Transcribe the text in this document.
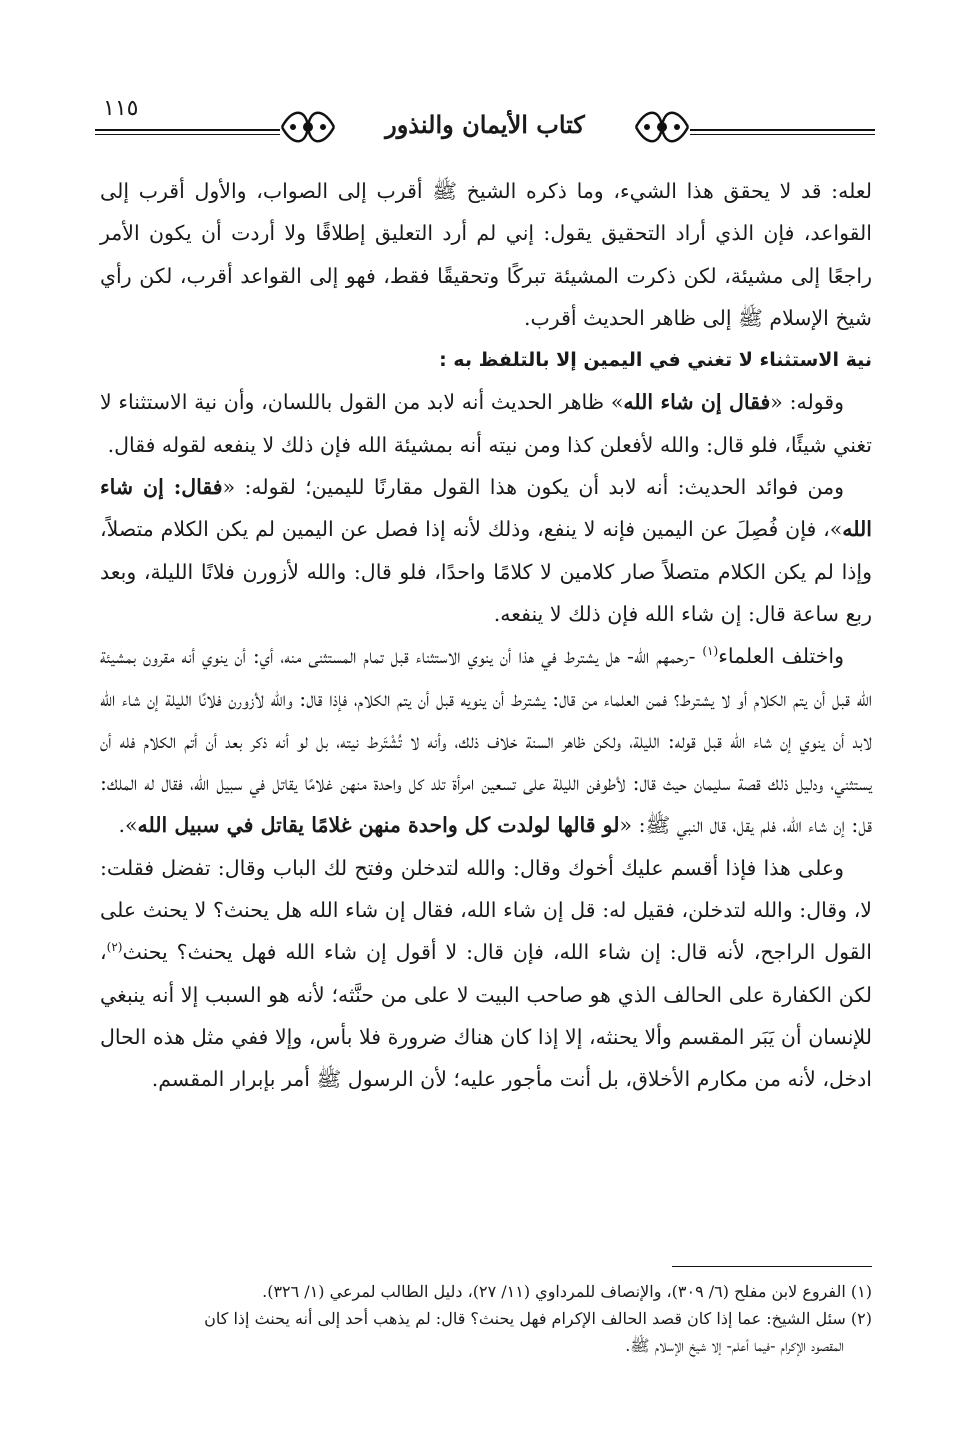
١١٥
كتاب الأيمان والنذور

لعله: قد لا يحقق هذا الشيء، وما ذكره الشيخ ﷺ أقرب إلى الصواب، والأول أقرب إلى القواعد، فإن الذي أراد التحقيق يقول: إني لم أرد التعليق إطلاقًا ولا أردت أن يكون الأمر راجعًا إلى مشيئة، لكن ذكرت المشيئة تبركًا وتحقيقًا فقط، فهو إلى القواعد أقرب، لكن رأي شيخ الإسلام ﷺ إلى ظاهر الحديث أقرب.

نية الاستثناء لا تغني في اليمين إلا بالتلفظ به :

وقوله: «فقال إن شاء الله» ظاهر الحديث أنه لابد من القول باللسان، وأن نية الاستثناء لا تغني شيئًا، فلو قال: والله لأفعلن كذا ومن نيته أنه بمشيئة الله فإن ذلك لا ينفعه لقوله فقال.

ومن فوائد الحديث: أنه لابد أن يكون هذا القول مقارنًا لليمين؛ لقوله: «فقال: إن شاء الله»، فإن فُصِلَ عن اليمين فإنه لا ينفع، وذلك لأنه إذا فصل عن اليمين لم يكن الكلام متصلاً، وإذا لم يكن الكلام متصلاً صار كلامين لا كلامًا واحدًا، فلو قال: والله لأزورن فلانًا الليلة، وبعد ربع ساعة قال: إن شاء الله فإن ذلك لا ينفعه.

واختلف العلماء$^{(١)}$ -رحمهم الله- هل يشترط في هذا أن ينوي الاستثناء قبل تمام المستثنى منه، أي: أن ينوي أنه مقرون بمشيئة الله قبل أن يتم الكلام أو لا يشترط؟ فمن العلماء من قال: يشترط أن ينويه قبل أن يتم الكلام، فإذا قال: والله لأزورن فلانًا الليلة إن شاء الله لابد أن ينوي إن شاء الله قبل قوله: الليلة، ولكن ظاهر السنة خلاف ذلك، وأنه لا تُشْتَرط نيته، بل لو أنه ذكر بعد أن أتم الكلام فله أن يستثني، ودليل ذلك قصة سليمان حيث قال: لأطوفن الليلة على تسعين امرأة تلد كل واحدة منهن غلامًا يقاتل في سبيل الله، فقال له الملك: قل: إن شاء الله، فلم يقل، قال النبي ﷺ: «لو قالها لولدت كل واحدة منهن غلامًا يقاتل في سبيل الله».

وعلى هذا فإذا أقسم عليك أخوك وقال: والله لتدخلن وفتح لك الباب وقال: تفضل فقلت: لا، وقال: والله لتدخلن، فقيل له: قل إن شاء الله، فقال إن شاء الله هل يحنث؟ لا يحنث على القول الراجح، لأنه قال: إن شاء الله، فإن قال: لا أقول إن شاء الله فهل يحنث؟ يحنث$^{(٢)}$، لكن الكفارة على الحالف الذي هو صاحب البيت لا على من حنَّثه؛ لأنه هو السبب إلا أنه ينبغي للإنسان أن يَبَر المقسم وألا يحنثه، إلا إذا كان هناك ضرورة فلا بأس، وإلا ففي مثل هذه الحال ادخل، لأنه من مكارم الأخلاق، بل أنت مأجور عليه؛ لأن الرسول ﷺ أمر بإبرار المقسم.

(١) الفروع لابن مفلح (٦/ ٣٠٩)، والإنصاف للمرداوي (١١/ ٢٧)، دليل الطالب لمرعي (١/ ٣٢٦).

(٢) سئل الشيخ: عما إذا كان قصد الحالف الإكرام فهل يحنث؟ قال: لم يذهب أحد إلى أنه يحنث إذا كان

المقصود الإكرام -فيما أعلم- إلا شيخ الإسلام ﷺ.
